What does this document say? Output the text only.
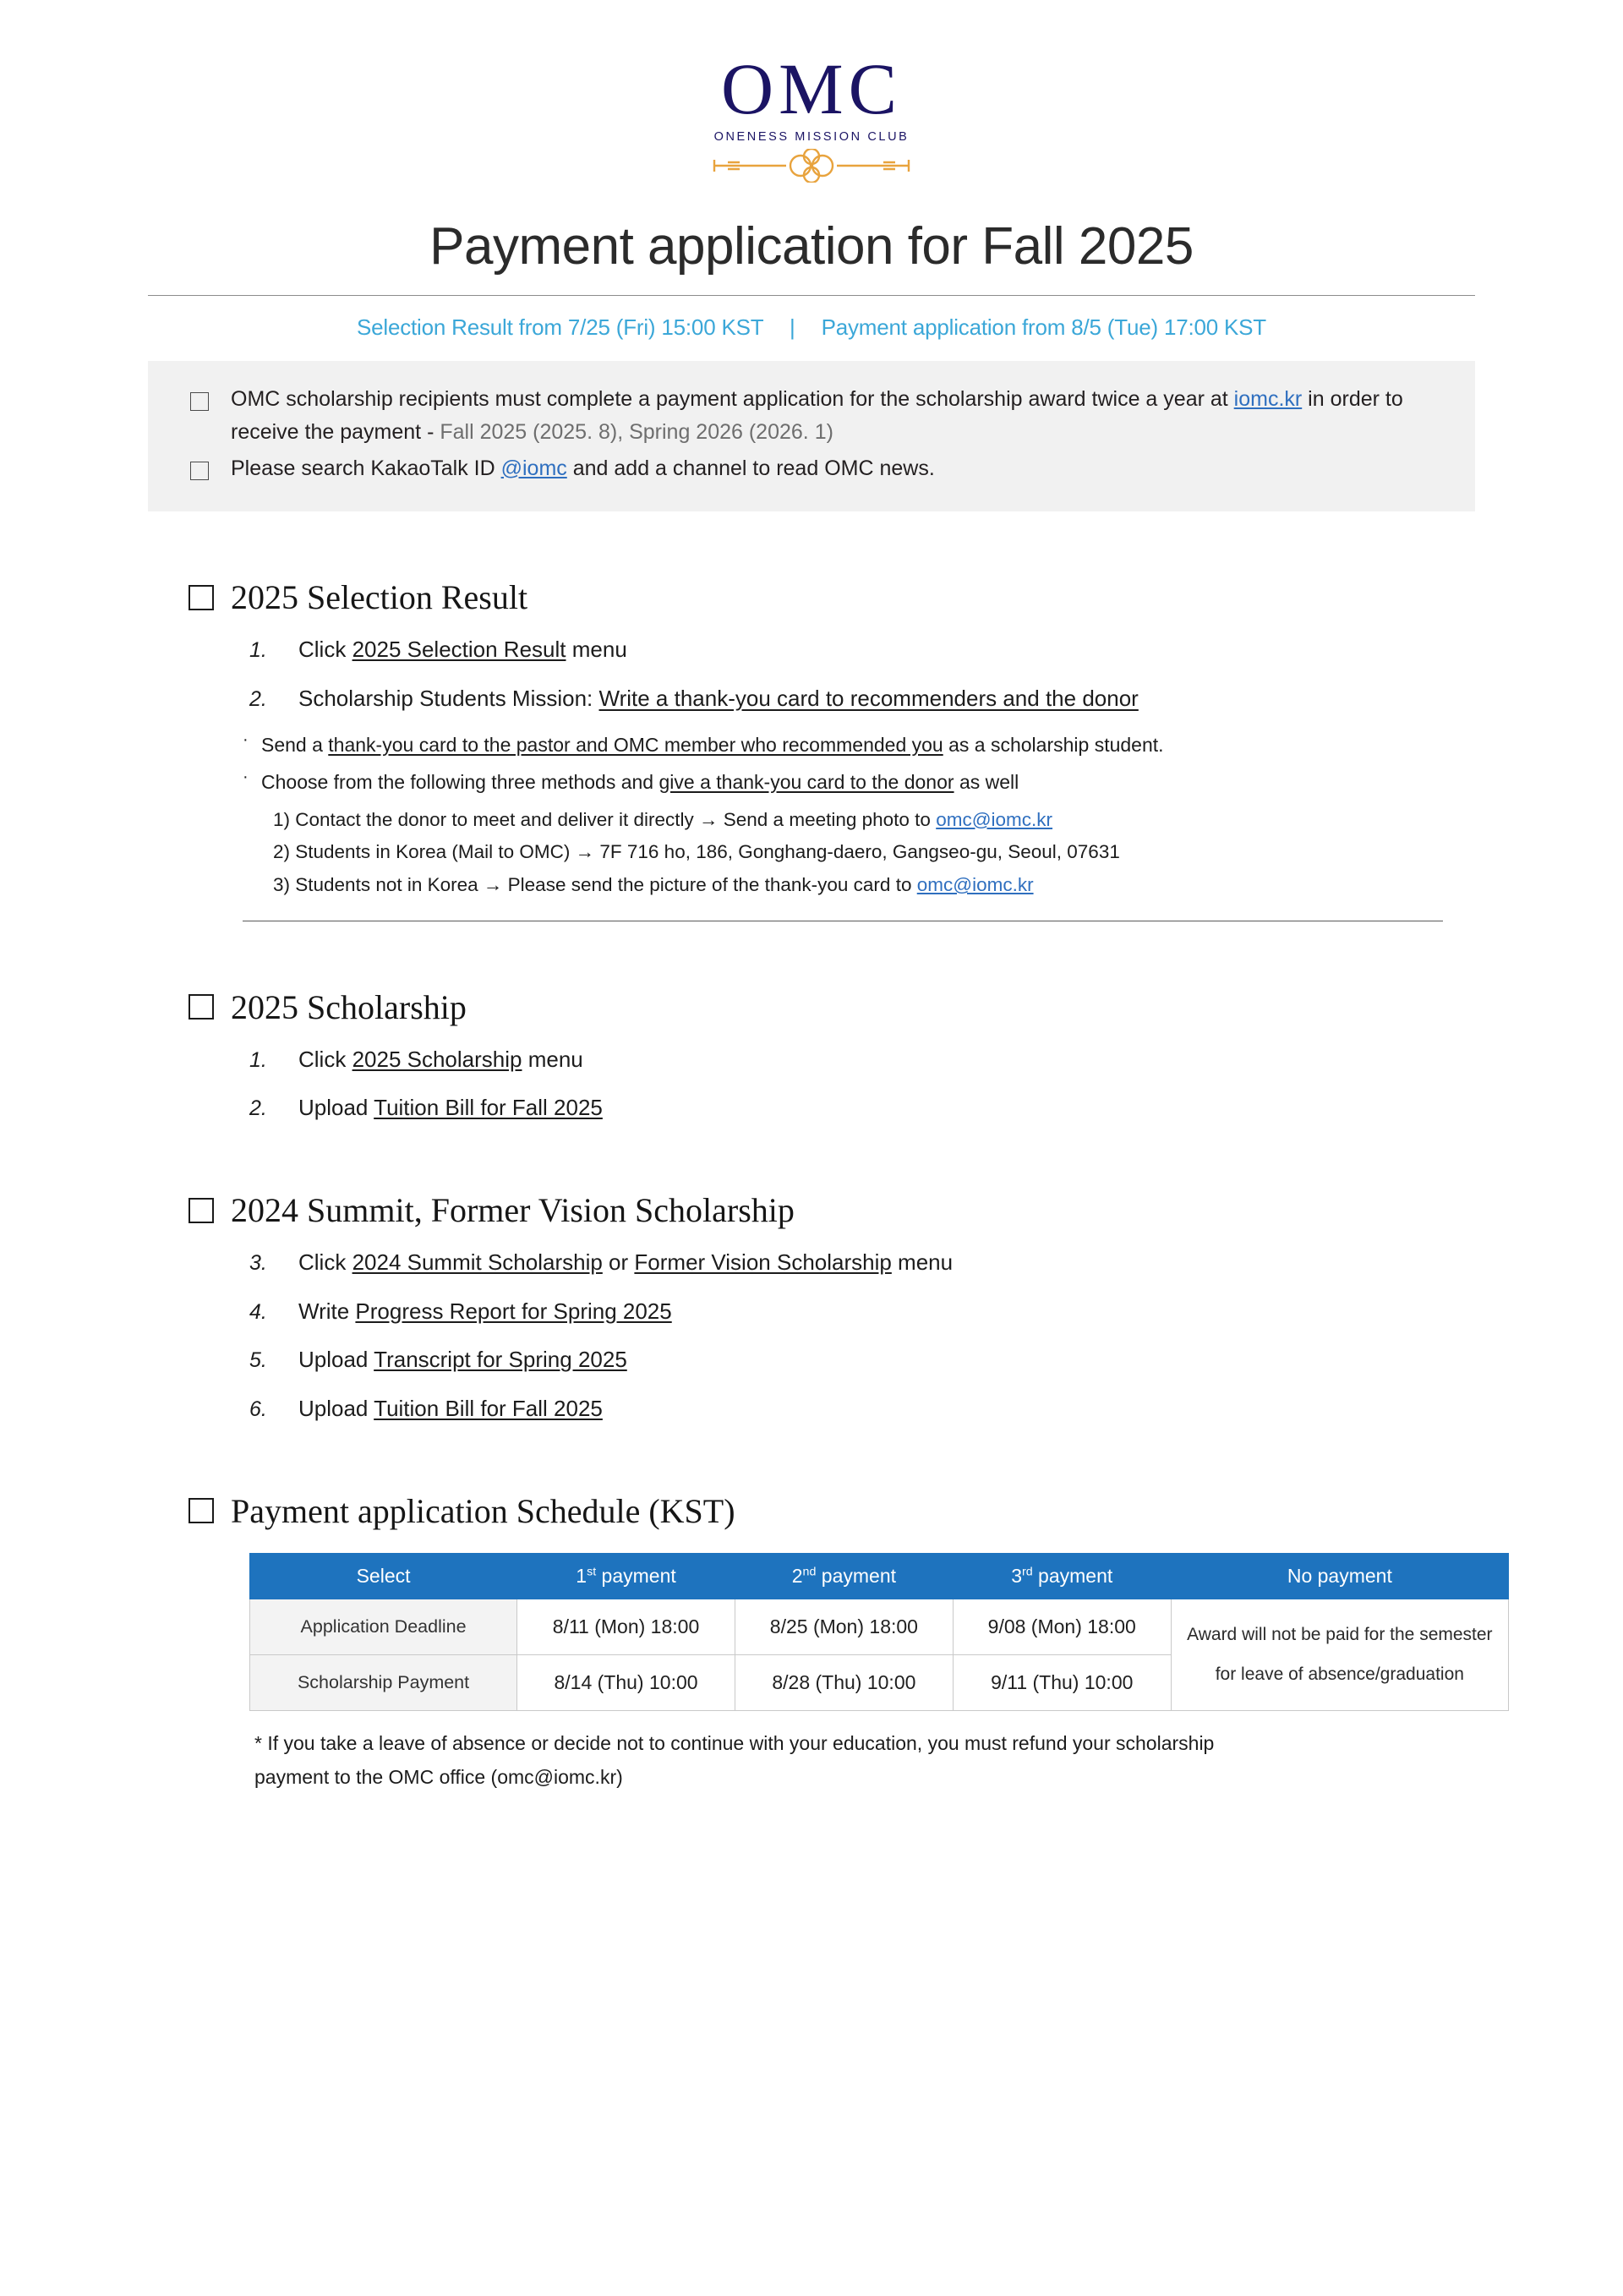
OMC
ONENESS MISSION CLUB
Payment application for Fall 2025
Selection Result from 7/25 (Fri) 15:00 KST | Payment application from 8/5 (Tue) 17:00 KST
OMC scholarship recipients must complete a payment application for the scholarship award twice a year at iomc.kr in order to receive the payment - Fall 2025 (2025. 8), Spring 2026 (2026. 1)
Please search KakaoTalk ID @iomc and add a channel to read OMC news.
2025 Selection Result
1.	Click 2025 Selection Result menu
2.	Scholarship Students Mission: Write a thank-you card to recommenders and the donor
· Send a thank-you card to the pastor and OMC member who recommended you as a scholarship student.
· Choose from the following three methods and give a thank-you card to the donor as well
1) Contact the donor to meet and deliver it directly → Send a meeting photo to omc@iomc.kr
2) Students in Korea (Mail to OMC) → 7F 716 ho, 186, Gonghang-daero, Gangseo-gu, Seoul, 07631
3) Students not in Korea → Please send the picture of the thank-you card to omc@iomc.kr
2025 Scholarship
1.	Click 2025 Scholarship menu
2.	Upload Tuition Bill for Fall 2025
2024 Summit, Former Vision Scholarship
3.	Click 2024 Summit Scholarship or Former Vision Scholarship menu
4.	Write Progress Report for Spring 2025
5.	Upload Transcript for Spring 2025
6.	Upload Tuition Bill for Fall 2025
Payment application Schedule (KST)
Select	1st payment	2nd payment	3rd payment	No payment
Application Deadline	8/11 (Mon) 18:00	8/25 (Mon) 18:00	9/08 (Mon) 18:00	Award will not be paid for the semester
for leave of absence/graduation

Scholarship Payment	8/14 (Thu) 10:00	8/28 (Thu) 10:00	9/11 (Thu) 10:00	
* If you take a leave of absence or decide not to continue with your education, you must refund your scholarship
payment to the OMC office (omc@iomc.kr)
